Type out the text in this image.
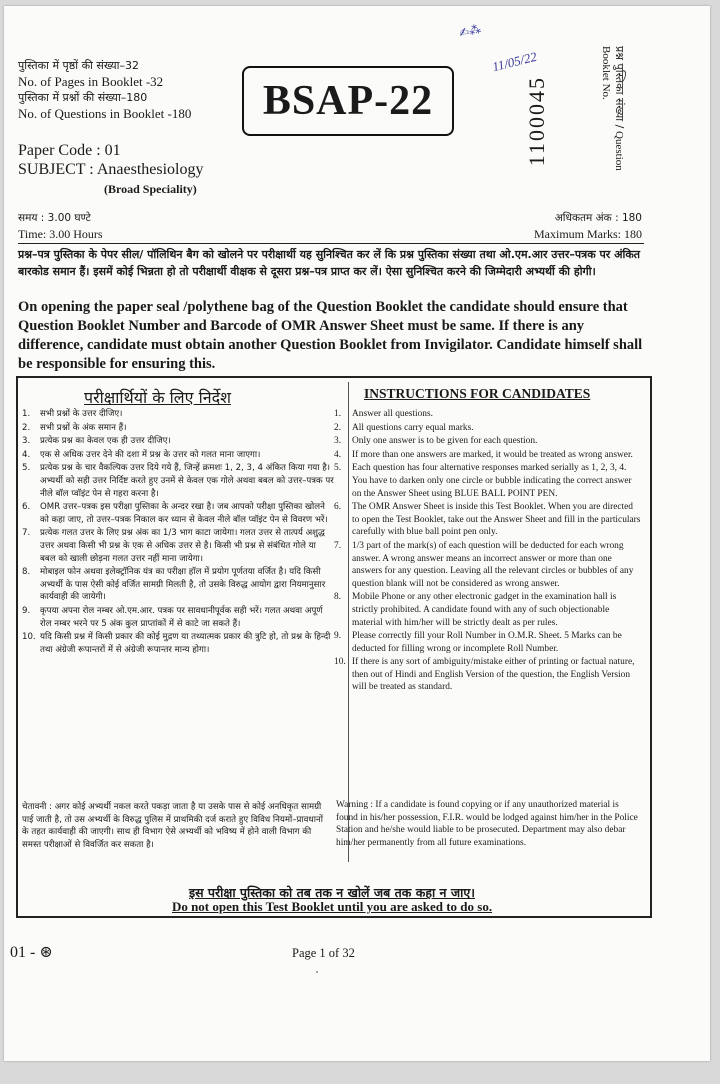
✍︎⁂
11/05/22
पुस्तिका में पृष्ठों की संख्या–32
No. of Pages in Booklet -32
पुस्तिका में प्रश्नों की संख्या–180
No. of Questions in Booklet -180	BSAP-22
Paper Code : 01
SUBJECT : Anaesthesiology
(Broad Speciality)
1100045	प्रश्न पुस्तिका संख्या / Question Booklet No.
समय : 3.00 घण्टे
Time: 3.00 Hours
अधिकतम अंक : 180
Maximum Marks: 180
प्रश्न–पत्र पुस्तिका के पेपर सील/ पॉलिथिन बैग को खोलने पर परीक्षार्थी यह सुनिश्चित कर लें कि प्रश्न पुस्तिका संख्या तथा ओ.एम.आर उत्तर–पत्रक पर अंकित बारकोड समान हैं। इसमें कोई भिन्नता हो तो परीक्षार्थी वीक्षक से दूसरा प्रश्न–पत्र प्राप्त कर लें। ऐसा सुनिश्चित करने की जिम्मेदारी अभ्यर्थी की होगी।
On opening the paper seal /polythene bag of the Question Booklet the candidate should ensure that Question Booklet Number and Barcode of OMR Answer Sheet must be same. If there is any difference, candidate must obtain another Question Booklet from Invigilator. Candidate himself shall be responsible for ensuring this.
परीक्षार्थियों के लिए निर्देश	INSTRUCTIONS FOR CANDIDATES
1.	सभी प्रश्नों के उत्तर दीजिए।
2.	सभी प्रश्नों के अंक समान हैं।
3.	प्रत्येक प्रश्न का केवल एक ही उत्तर दीजिए।
4.	एक से अधिक उत्तर देने की दशा में प्रश्न के उत्तर को गलत माना जाएगा।
5.	प्रत्येक प्रश्न के चार वैकल्पिक उत्तर दिये गये हैं, जिन्हें क्रमशः 1, 2, 3, 4 अंकित किया गया है। अभ्यर्थी को सही उत्तर निर्दिष्ट करते हुए उनमें से केवल एक गोले अथवा बबल को उत्तर–पत्रक पर नीले बॉल प्वॉइंट पेन से गहरा करना है।
6.	OMR उत्तर–पत्रक इस परीक्षा पुस्तिका के अन्दर रखा है। जब आपको परीक्षा पुस्तिका खोलने को कहा जाए, तो उत्तर–पत्रक निकाल कर ध्यान से केवल नीले बॉल प्वॉइंट पेन से विवरण भरें।
7.	प्रत्येक गलत उत्तर के लिए प्रश्न अंक का 1/3 भाग काटा जायेगा। गलत उत्तर से तात्पर्य अशुद्ध उत्तर अथवा किसी भी प्रश्न के एक से अधिक उत्तर से है। किसी भी प्रश्न से संबंधित गोले या बबल को खाली छोड़ना गलत उत्तर नहीं माना जायेगा।
8.	मोबाइल फोन अथवा इलेक्ट्रॉनिक यंत्र का परीक्षा हॉल में प्रयोग पूर्णतया वर्जित है। यदि किसी अभ्यर्थी के पास ऐसी कोई वर्जित सामग्री मिलती है, तो उसके विरुद्ध आयोग द्वारा नियमानुसार कार्यवाही की जायेगी।
9.	कृपया अपना रोल नम्बर ओ.एम.आर. पत्रक पर सावधानीपूर्वक सही भरें। गलत अथवा अपूर्ण रोल नम्बर भरने पर 5 अंक कुल प्राप्तांकों में से काटे जा सकते हैं।
10. यदि किसी प्रश्न में किसी प्रकार की कोई मुद्रण या तथ्यात्मक प्रकार की त्रुटि हो, तो प्रश्न के हिन्दी तथा अंग्रेजी रूपान्तरों में से अंग्रेजी रूपान्तर मान्य होगा।
1.	Answer all questions.
2.	All questions carry equal marks.
3.	Only one answer is to be given for each question.
4.	If more than one answers are marked, it would be treated as wrong answer.
5.	Each question has four alternative responses marked serially as 1, 2, 3, 4. You have to darken only one circle or bubble indicating the correct answer on the Answer Sheet using BLUE BALL POINT PEN.
6.	The OMR Answer Sheet is inside this Test Booklet. When you are directed to open the Test Booklet, take out the Answer Sheet and fill in the particulars carefully with blue ball point pen only.
7.	1/3 part of the mark(s) of each question will be deducted for each wrong answer. A wrong answer means an incorrect answer or more than one answers for any question. Leaving all the relevant circles or bubbles of any question blank will not be considered as wrong answer.
8.	Mobile Phone or any other electronic gadget in the examination hall is strictly prohibited. A candidate found with any of such objectionable material with him/her will be strictly dealt as per rules.
9.	Please correctly fill your Roll Number in O.M.R. Sheet. 5 Marks can be deducted for filling wrong or incomplete Roll Number.
10. If there is any sort of ambiguity/mistake either of printing or factual nature, then out of Hindi and English Version of the question, the English Version will be treated as standard.
चेतावनी : अगर कोई अभ्यर्थी नकल करते पकड़ा जाता है या उसके पास से कोई अनधिकृत सामग्री पाई जाती है, तो उस अभ्यर्थी के विरुद्ध पुलिस में प्राथमिकी दर्ज कराते हुए विविध नियमों–प्रावधानों के तहत कार्यवाही की जाएगी। साथ ही विभाग ऐसे अभ्यर्थी को भविष्य में होने वाली विभाग की समस्त परीक्षाओं से विवर्जित कर सकता है।
Warning : If a candidate is found copying or if any unauthorized material is found in his/her possession, F.I.R. would be lodged against him/her in the Police Station and he/she would liable to be prosecuted. Department may also debar him/her permanently from all future examinations.
इस परीक्षा पुस्तिका को तब तक न खोलें जब तक कहा न जाए।
Do not open this Test Booklet until you are asked to do so.
01 - ⊛	Page 1 of 32
